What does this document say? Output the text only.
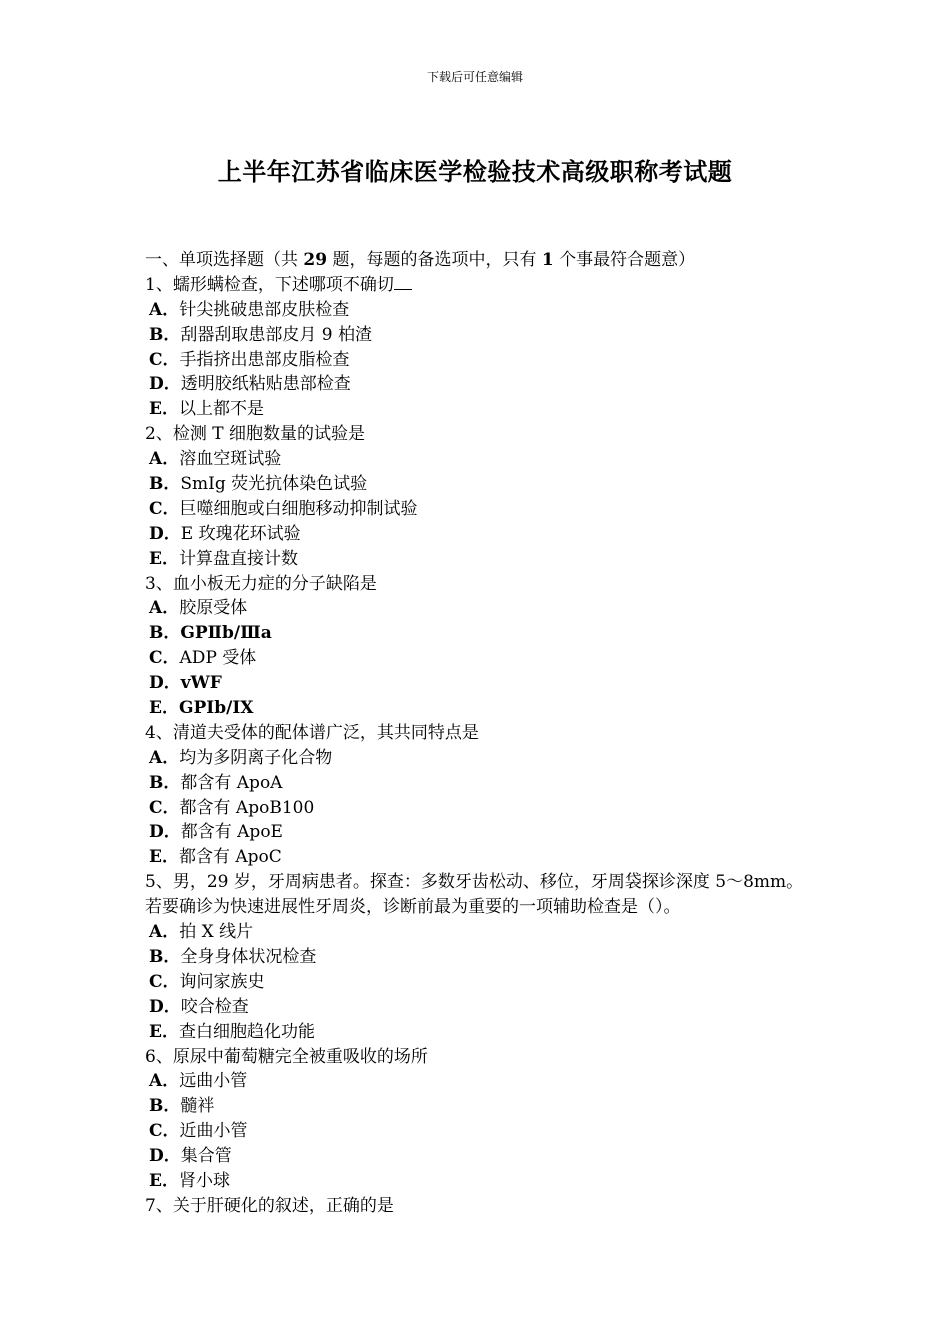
下载后可任意编辑
上半年江苏省临床医学检验技术高级职称考试题
一、单项选择题（共 29 题，每题的备选项中，只有 1 个事最符合题意）
1、蠕形螨检查，下述哪项不确切
A．针尖挑破患部皮肤检查
B．刮器刮取患部皮月 9 柏渣
C．手指挤出患部皮脂检查
D．透明胶纸粘贴患部检查
E．以上都不是
2、检测 T 细胞数量的试验是
A．溶血空斑试验
B．SmIg 荧光抗体染色试验
C．巨噬细胞或白细胞移动抑制试验
D．E 玫瑰花环试验
E．计算盘直接计数
3、血小板无力症的分子缺陷是
A．胶原受体
B．GPⅡb/Ⅲa
C．ADP 受体
D．vWF
E．GPIb/IX
4、清道夫受体的配体谱广泛，其共同特点是
A．均为多阴离子化合物
B．都含有 ApoA
C．都含有 ApoB100
D．都含有 ApoE
E．都含有 ApoC
5、男，29 岁，牙周病患者。探查：多数牙齿松动、移位，牙周袋探诊深度 5～8mm。若要确诊为快速进展性牙周炎，诊断前最为重要的一项辅助检查是（）。
A．拍 X 线片
B．全身身体状况检查
C．询问家族史
D．咬合检查
E．查白细胞趋化功能
6、原尿中葡萄糖完全被重吸收的场所
A．远曲小管
B．髓袢
C．近曲小管
D．集合管
E．肾小球
7、关于肝硬化的叙述，正确的是
